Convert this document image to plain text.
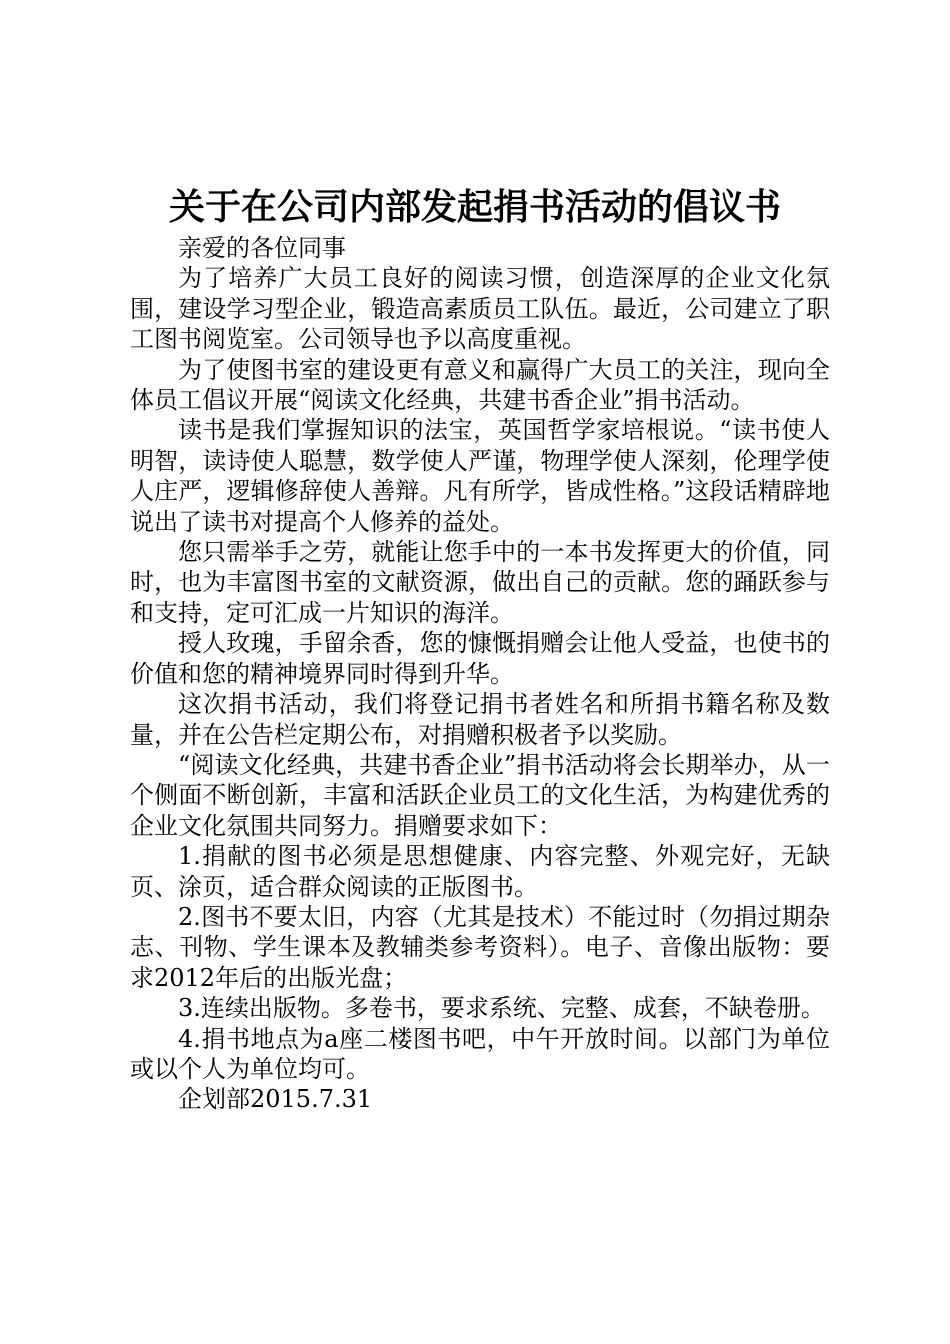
关于在公司内部发起捐书活动的倡议书

亲爱的各位同事

为了培养广大员工良好的阅读习惯，创造深厚的企业文化氛围，建设学习型企业，锻造高素质员工队伍。最近，公司建立了职工图书阅览室。公司领导也予以高度重视。

为了使图书室的建设更有意义和赢得广大员工的关注，现向全体员工倡议开展“阅读文化经典，共建书香企业”捐书活动。

读书是我们掌握知识的法宝，英国哲学家培根说。“读书使人明智，读诗使人聪慧，数学使人严谨，物理学使人深刻，伦理学使人庄严，逻辑修辞使人善辩。凡有所学，皆成性格。”这段话精辟地说出了读书对提高个人修养的益处。

您只需举手之劳，就能让您手中的一本书发挥更大的价值，同时，也为丰富图书室的文献资源，做出自己的贡献。您的踊跃参与和支持，定可汇成一片知识的海洋。

授人玫瑰，手留余香，您的慷慨捐赠会让他人受益，也使书的价值和您的精神境界同时得到升华。

这次捐书活动，我们将登记捐书者姓名和所捐书籍名称及数量，并在公告栏定期公布，对捐赠积极者予以奖励。

“阅读文化经典，共建书香企业”捐书活动将会长期举办，从一个侧面不断创新，丰富和活跃企业员工的文化生活，为构建优秀的企业文化氛围共同努力。捐赠要求如下：

1.捐献的图书必须是思想健康、内容完整、外观完好，无缺页、涂页，适合群众阅读的正版图书。

2.图书不要太旧，内容（尤其是技术）不能过时（勿捐过期杂志、刊物、学生课本及教辅类参考资料）。电子、音像出版物：要求2012年后的出版光盘；

3.连续出版物。多卷书，要求系统、完整、成套，不缺卷册。

4.捐书地点为a座二楼图书吧，中午开放时间。以部门为单位或以个人为单位均可。

企划部2015.7.31
